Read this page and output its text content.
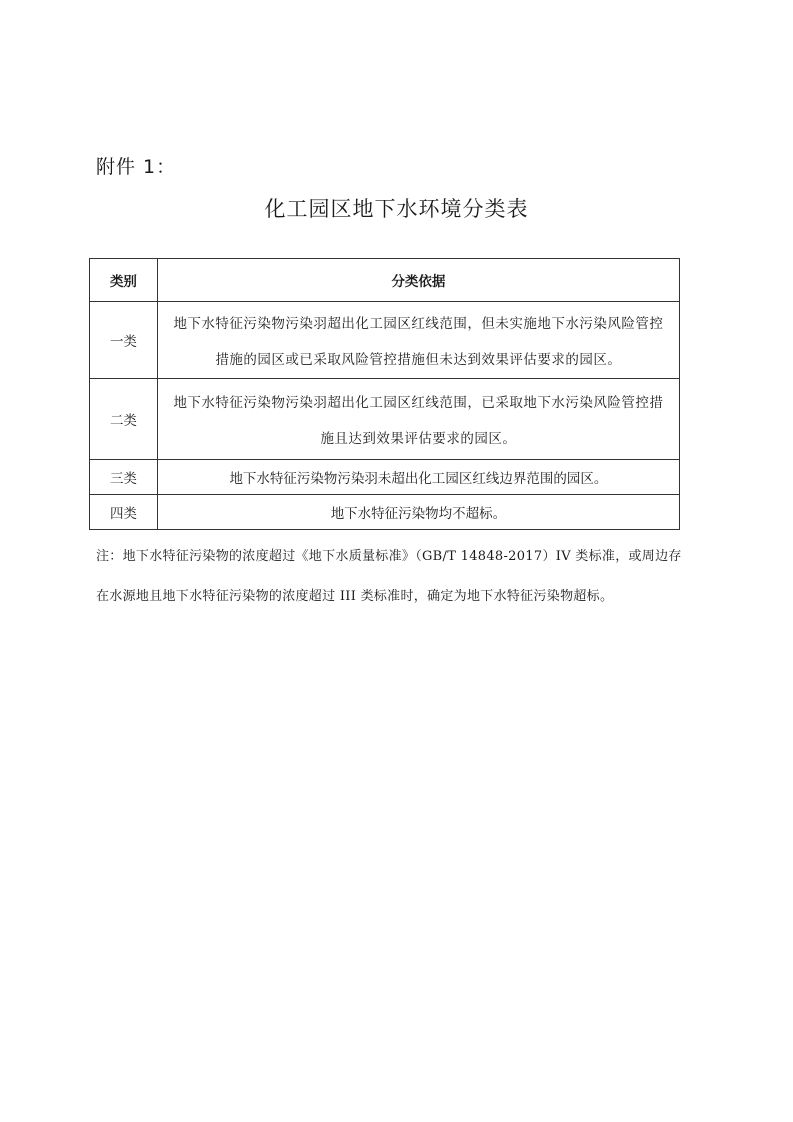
附件 1：
化工园区地下水环境分类表
类别	分类依据
一类	地下水特征污染物污染羽超出化工园区红线范围，但未实施地下水污染风险管控
措施的园区或已采取风险管控措施但未达到效果评估要求的园区。

二类	地下水特征污染物污染羽超出化工园区红线范围，已采取地下水污染风险管控措
施且达到效果评估要求的园区。

三类	地下水特征污染物污染羽未超出化工园区红线边界范围的园区。
四类	地下水特征污染物均不超标。
注：地下水特征污染物的浓度超过《地下水质量标准》（GB/T 14848-2017）IV 类标准，或周边存
在水源地且地下水特征污染物的浓度超过 III 类标准时，确定为地下水特征污染物超标。
